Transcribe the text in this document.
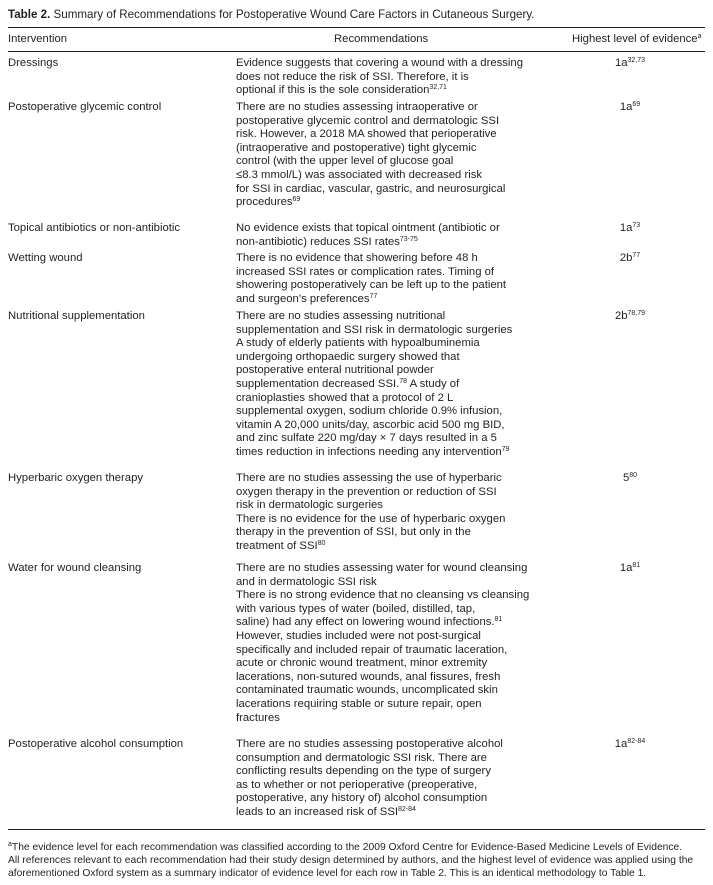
Table 2. Summary of Recommendations for Postoperative Wound Care Factors in Cutaneous Surgery.
Intervention	Recommendations	Highest level of evidence$^a$
Dressings	Evidence suggests that covering a wound with a dressing

does not reduce the risk of SSI. Therefore, it is

optional if this is the sole consideration$^{32,71}$

$1a^{32,73}$
Postoperative glycemic control	There are no studies assessing intraoperative or

postoperative glycemic control and dermatologic SSI

risk. However, a 2018 MA showed that perioperative

(intraoperative and postoperative) tight glycemic

control (with the upper level of glucose goal

≤8.3 mmol/L) was associated with decreased risk

for SSI in cardiac, vascular, gastric, and neurosurgical

procedures$^{69}$

$1a^{69}$
Topical antibiotics or non-antibiotic	No evidence exists that topical ointment (antibiotic or

non-antibiotic) reduces SSI rates$^{73-75}$

$1a^{73}$
Wetting wound	There is no evidence that showering before 48 h

increased SSI rates or complication rates. Timing of

showering postoperatively can be left up to the patient

and surgeon’s preferences$^{77}$

$2b^{77}$
Nutritional supplementation	There are no studies assessing nutritional

supplementation and SSI risk in dermatologic surgeries

A study of elderly patients with hypoalbuminemia

undergoing orthopaedic surgery showed that

postoperative enteral nutritional powder

supplementation decreased SSI.$^{78}$ A study of

cranioplasties showed that a protocol of 2 L

supplemental oxygen, sodium chloride 0.9% infusion,

vitamin A 20,000 units/day, ascorbic acid 500 mg BID,

and zinc sulfate 220 mg/day × 7 days resulted in a 5

times reduction in infections needing any intervention$^{79}$

$2b^{78,79}$
Hyperbaric oxygen therapy	There are no studies assessing the use of hyperbaric

oxygen therapy in the prevention or reduction of SSI

risk in dermatologic surgeries

There is no evidence for the use of hyperbaric oxygen

therapy in the prevention of SSI, but only in the

treatment of SSI$^{80}$

$5^{80}$
Water for wound cleansing	There are no studies assessing water for wound cleansing

and in dermatologic SSI risk

There is no strong evidence that no cleansing vs cleansing

with various types of water (boiled, distilled, tap,

saline) had any effect on lowering wound infections.$^{81}$

However, studies included were not post-surgical

specifically and included repair of traumatic laceration,

acute or chronic wound treatment, minor extremity

lacerations, non-sutured wounds, anal fissures, fresh

contaminated traumatic wounds, uncomplicated skin

lacerations requiring stable or suture repair, open

fractures

$1a^{81}$
Postoperative alcohol consumption	There are no studies assessing postoperative alcohol

consumption and dermatologic SSI risk. There are

conflicting results depending on the type of surgery

as to whether or not perioperative (preoperative,

postoperative, any history of) alcohol consumption

leads to an increased risk of SSI$^{82-84}$

$1a^{82-84}$
$^a$The evidence level for each recommendation was classified according to the 2009 Oxford Centre for Evidence-Based Medicine Levels of Evidence.
All references relevant to each recommendation had their study design determined by authors, and the highest level of evidence was applied using the
aforementioned Oxford system as a summary indicator of evidence level for each row in Table 2. This is an identical methodology to Table 1.
